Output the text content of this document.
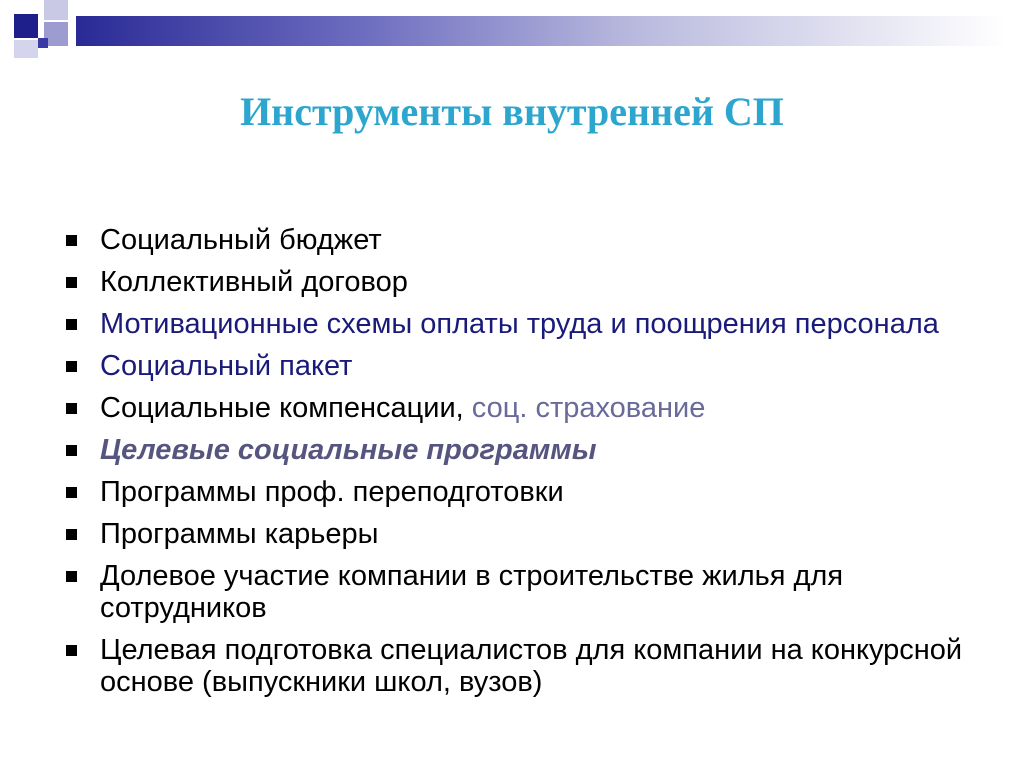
Инструменты внутренней СП
Социальный бюджет
Коллективный договор
Мотивационные схемы оплаты труда и поощрения персонала
Социальный пакет
Социальные компенсации, соц. страхование
Целевые социальные программы
Программы проф. переподготовки
Программы карьеры
Долевое участие компании в строительстве жилья для сотрудников
Целевая подготовка специалистов для компании на конкурсной основе (выпускники школ, вузов)
